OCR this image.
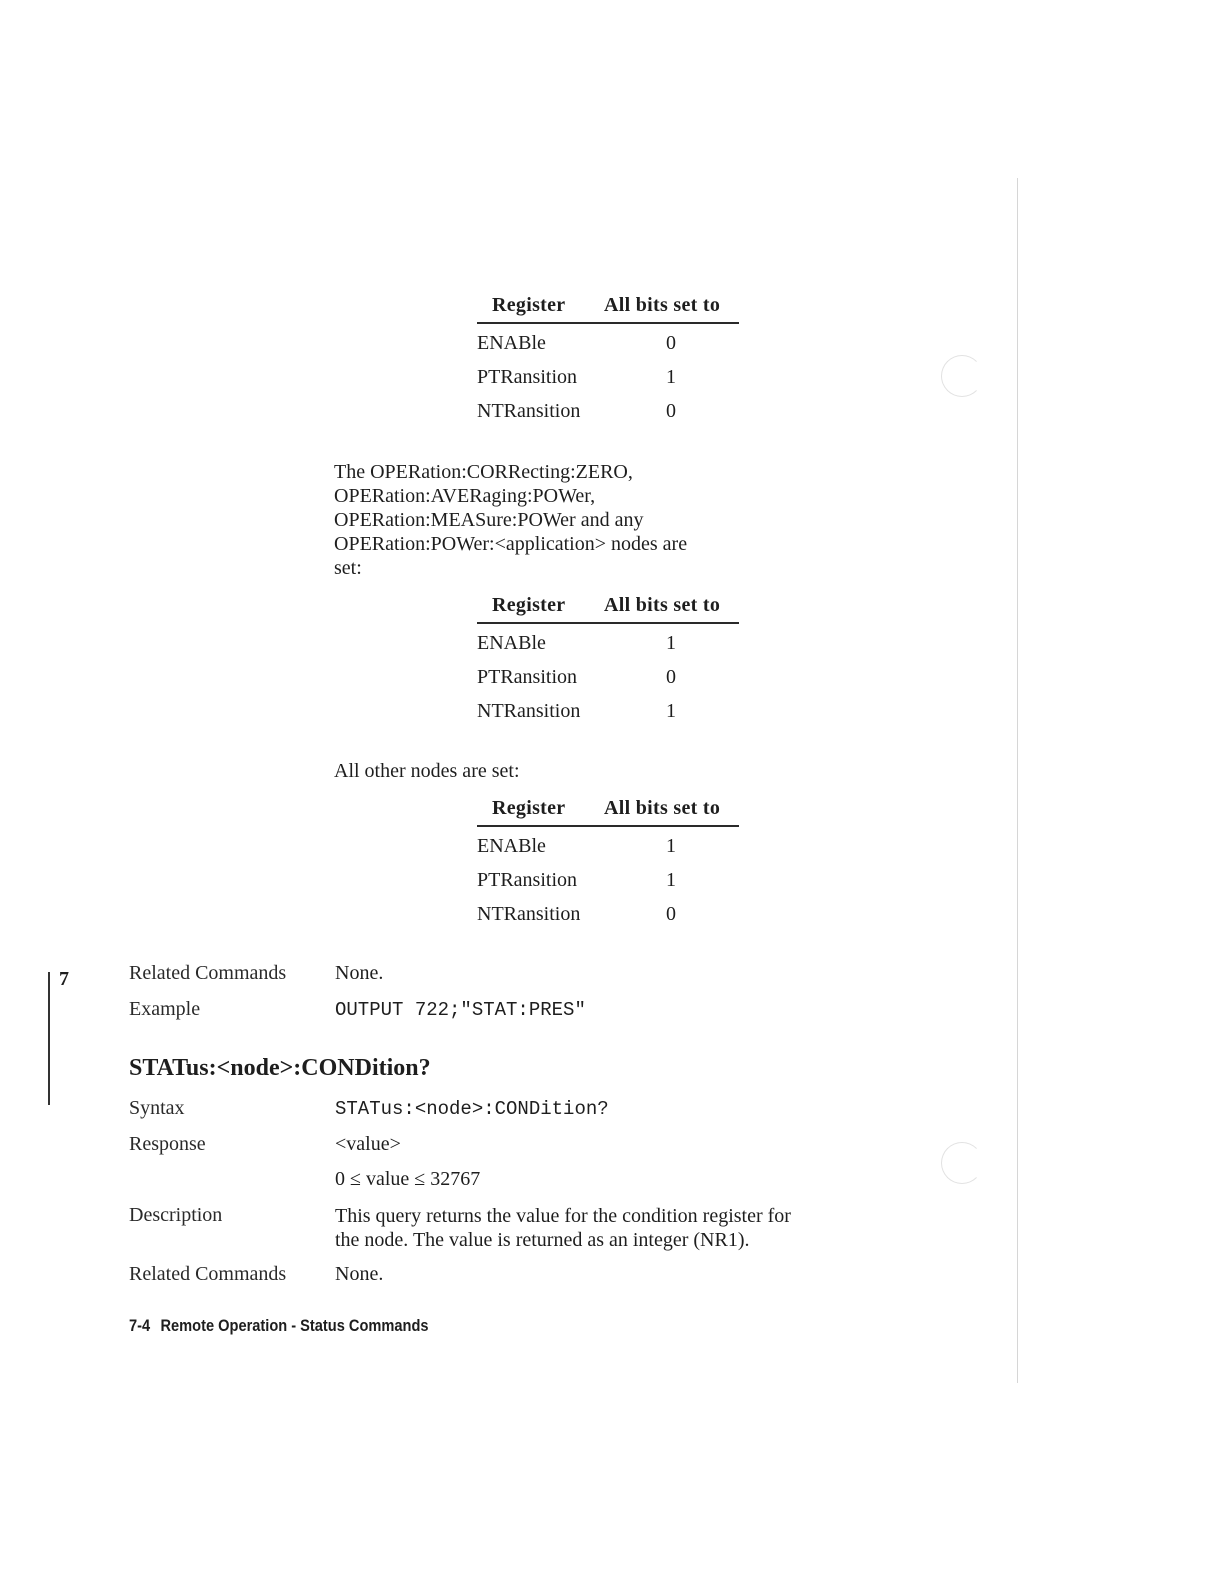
Register All bits set to
ENABle	0
PTRansition	1
NTRansition	0
The OPERation:CORRecting:ZERO,
OPERation:AVERaging:POWer,
OPERation:MEASure:POWer and any
OPERation:POWer:<application> nodes are
set:
Register All bits set to
ENABle	1
PTRansition	0
NTRansition	1
All other nodes are set:
Register All bits set to
ENABle	1
PTRansition	1
NTRansition	0
7	Related Commands None.
Example	OUTPUT 722;"STAT:PRES"
STATus:<node>:CONDition?
Syntax	STATus:<node>:CONDition?
Response	<value>
0 ≤ value ≤ 32767
Description	This query returns the value for the condition register for
the node. The value is returned as an integer (NR1).
Related Commands None.
7-4 Remote Operation - Status Commands
